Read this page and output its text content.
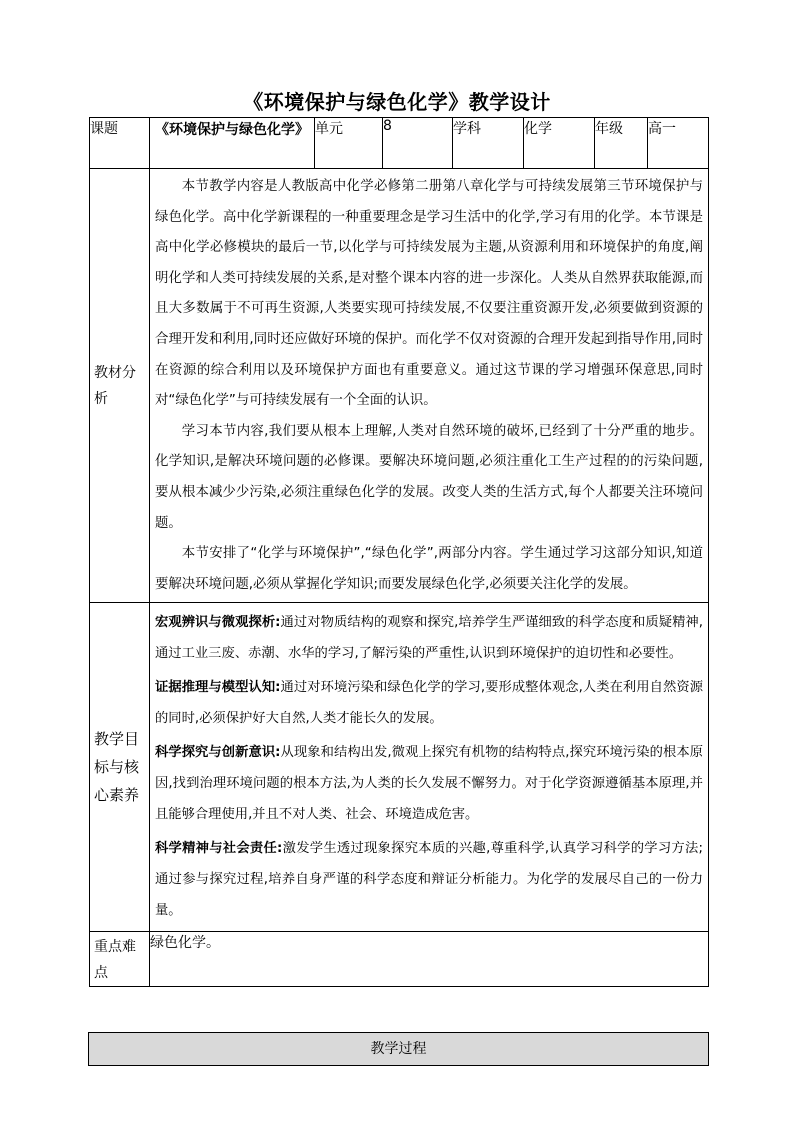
《环境保护与绿色化学》教学设计
课题	《环境保护与绿色化学》	单元	8	学科	化学	年级	高一

教材分析	本节教学内容是人教版高中化学必修第二册第八章化学与可持续发展第三节环境保护与绿色化学。高中化学新课程的一种重要理念是学习生活中的化学,学习有用的化学。本节课是高中化学必修模块的最后一节,以化学与可持续发展为主题,从资源利用和环境保护的角度,阐明化学和人类可持续发展的关系,是对整个课本内容的进一步深化。人类从自然界获取能源,而且大多数属于不可再生资源,人类要实现可持续发展,不仅要注重资源开发,必须要做到资源的合理开发和利用,同时还应做好环境的保护。而化学不仅对资源的合理开发起到指导作用,同时在资源的综合利用以及环境保护方面也有重要意义。通过这节课的学习增强环保意思,同时对“绿色化学”与可持续发展有一个全面的认识。

学习本节内容,我们要从根本上理解,人类对自然环境的破坏,已经到了十分严重的地步。化学知识,是解决环境问题的必修课。要解决环境问题,必须注重化工生产过程的的污染问题,要从根本减少少污染,必须注重绿色化学的发展。改变人类的生活方式,每个人都要关注环境问题。

本节安排了“化学与环境保护”,“绿色化学”,两部分内容。学生通过学习这部分知识,知道要解决环境问题,必须从掌握化学知识;而要发展绿色化学,必须要关注化学的发展。						

教学目标与核心素养	宏观辨识与微观探析:通过对物质结构的观察和探究,培养学生严谨细致的科学态度和质疑精神,通过工业三废、赤潮、水华的学习,了解污染的严重性,认识到环境保护的迫切性和必要性。

证据推理与模型认知:通过对环境污染和绿色化学的学习,要形成整体观念,人类在利用自然资源的同时,必须保护好大自然,人类才能长久的发展。

科学探究与创新意识:从现象和结构出发,微观上探究有机物的结构特点,探究环境污染的根本原因,找到治理环境问题的根本方法,为人类的长久发展不懈努力。对于化学资源遵循基本原理,并且能够合理使用,并且不对人类、社会、环境造成危害。

科学精神与社会责任:激发学生透过现象探究本质的兴趣,尊重科学,认真学习科学的学习方法;通过参与探究过程,培养自身严谨的科学态度和辩证分析能力。为化学的发展尽自己的一份力量。						

重点难点	绿色化学。						
教学过程
